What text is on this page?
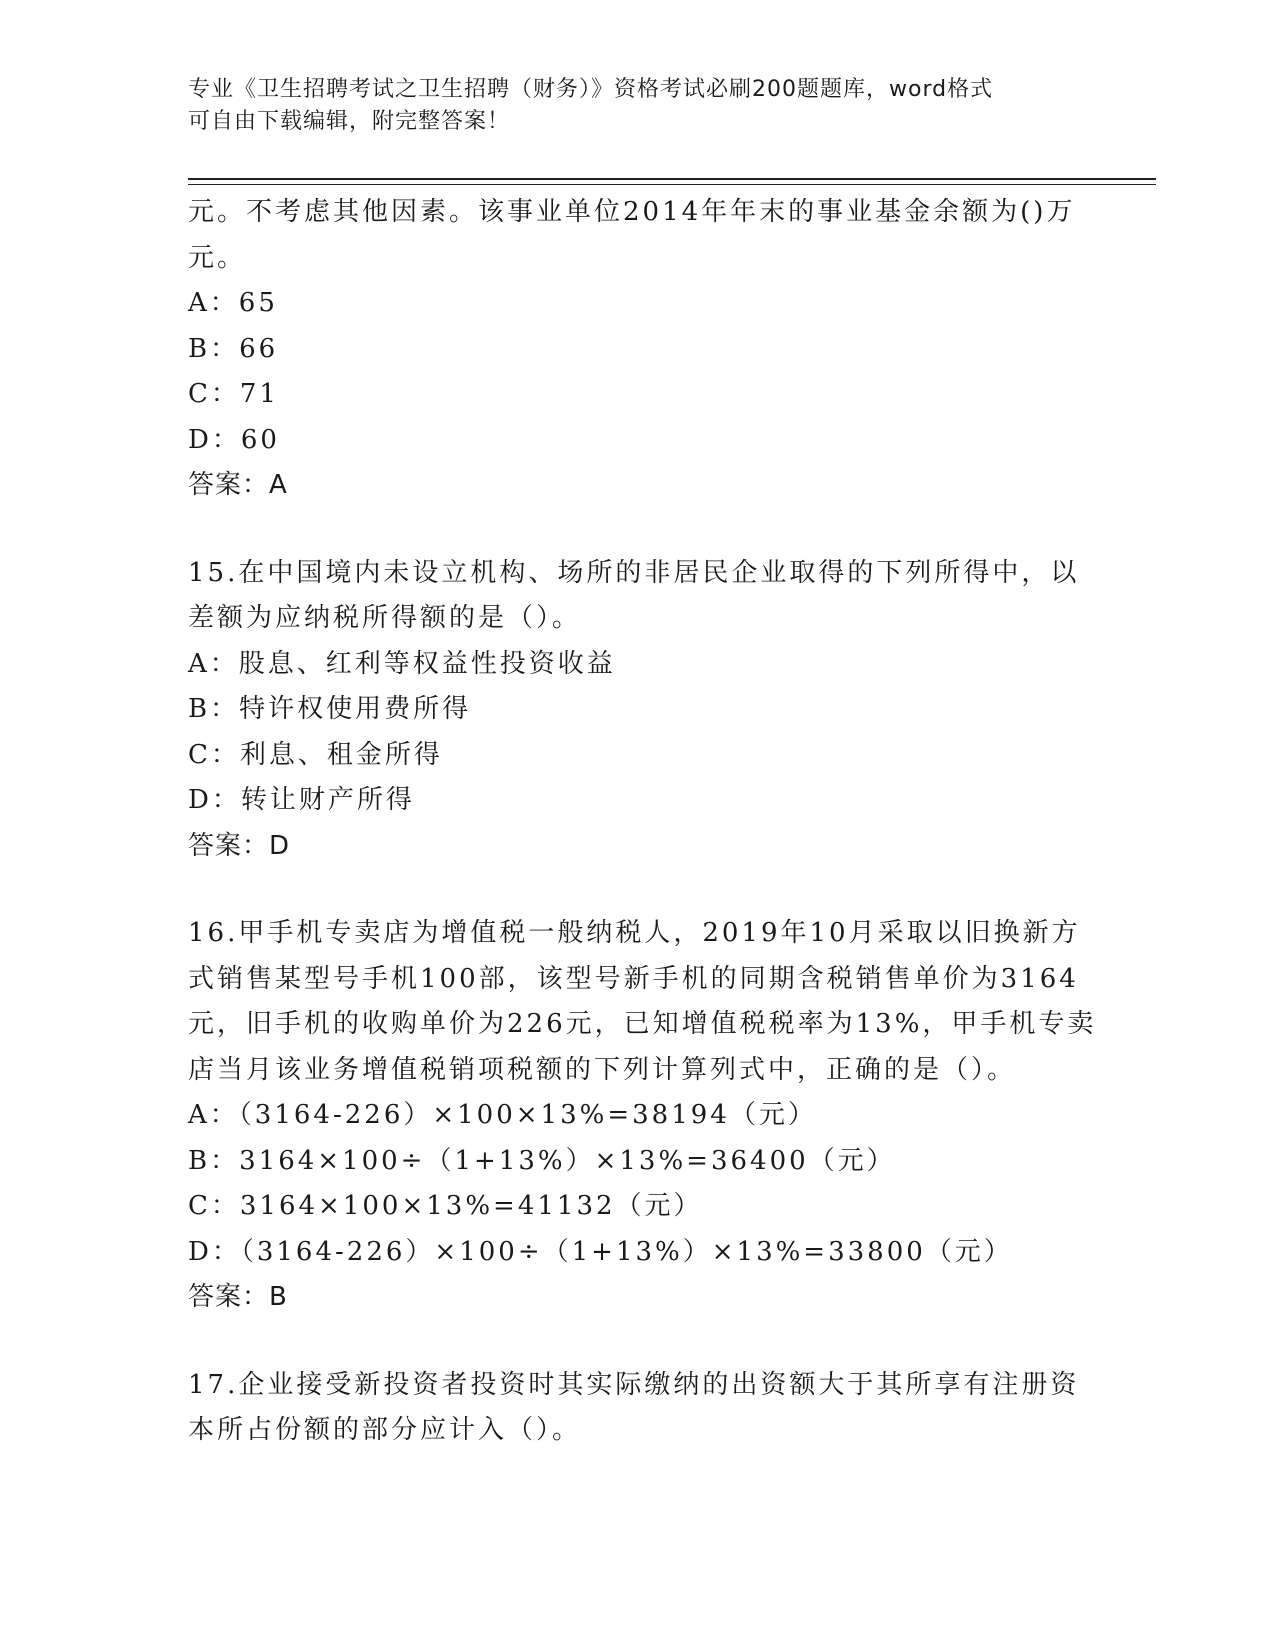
专业《卫生招聘考试之卫生招聘（财务）》资格考试必刷200题题库，word格式
可自由下载编辑，附完整答案！
元。不考虑其他因素。该事业单位2014年年末的事业基金余额为()万
元。
A：65
B：66
C：71
D：60
答案：A
15.在中国境内未设立机构、场所的非居民企业取得的下列所得中，以
差额为应纳税所得额的是（）。
A：股息、红利等权益性投资收益
B：特许权使用费所得
C：利息、租金所得
D：转让财产所得
答案：D
16.甲手机专卖店为增值税一般纳税人，2019年10月采取以旧换新方
式销售某型号手机100部，该型号新手机的同期含税销售单价为3164
元，旧手机的收购单价为226元，已知增值税税率为13%，甲手机专卖
店当月该业务增值税销项税额的下列计算列式中，正确的是（）。
A：（3164-226）×100×13%=38194（元）
B：3164×100÷（1+13%）×13%=36400（元）
C：3164×100×13%=41132（元）
D：（3164-226）×100÷（1+13%）×13%=33800（元）
答案：B
17.企业接受新投资者投资时其实际缴纳的出资额大于其所享有注册资
本所占份额的部分应计入（）。
